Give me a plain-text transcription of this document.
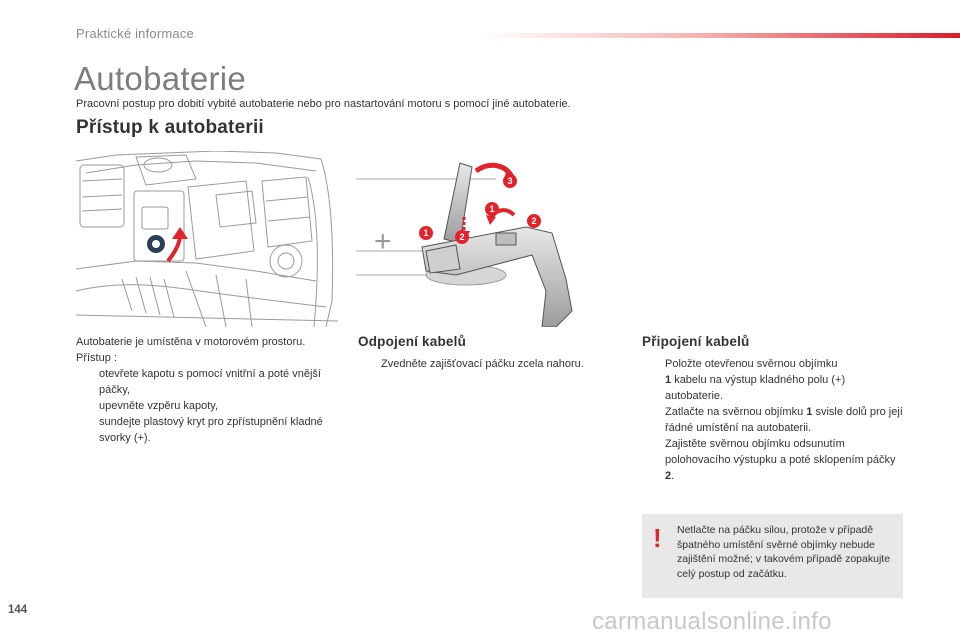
Praktické informace
Autobaterie

Pracovní postup pro dobití vybité autobaterie nebo pro nastartování motoru s pomocí jiné autobaterie.

Přístup k autobaterii
+
3
1	2
1
2

Autobaterie je umístěna v motorovém prostoru.

Přístup :

otevřete kapotu s pomocí vnitřní a poté vnější páčky,
upevněte vzpěru kapoty,
sundejte plastový kryt pro zpřístupnění kladné svorky (+).
Odpojení kabelů
Zvedněte zajišťovací páčku zcela nahoru.
Připojení kabelů
Položte otevřenou svěrnou objímku
1 kabelu na výstup kladného polu (+) autobaterie.
Zatlačte na svěrnou objímku 1 svisle dolů pro její řádné umístění na autobaterii.
Zajistěte svěrnou objímku odsunutím polohovacího výstupku a poté sklopením páčky 2.
! Netlačte na páčku silou, protože v případě špatného umístění svěrné objímky nebude zajištění možné; v takovém případě zopakujte celý postup od začátku.

144	carmanualsonline.info
